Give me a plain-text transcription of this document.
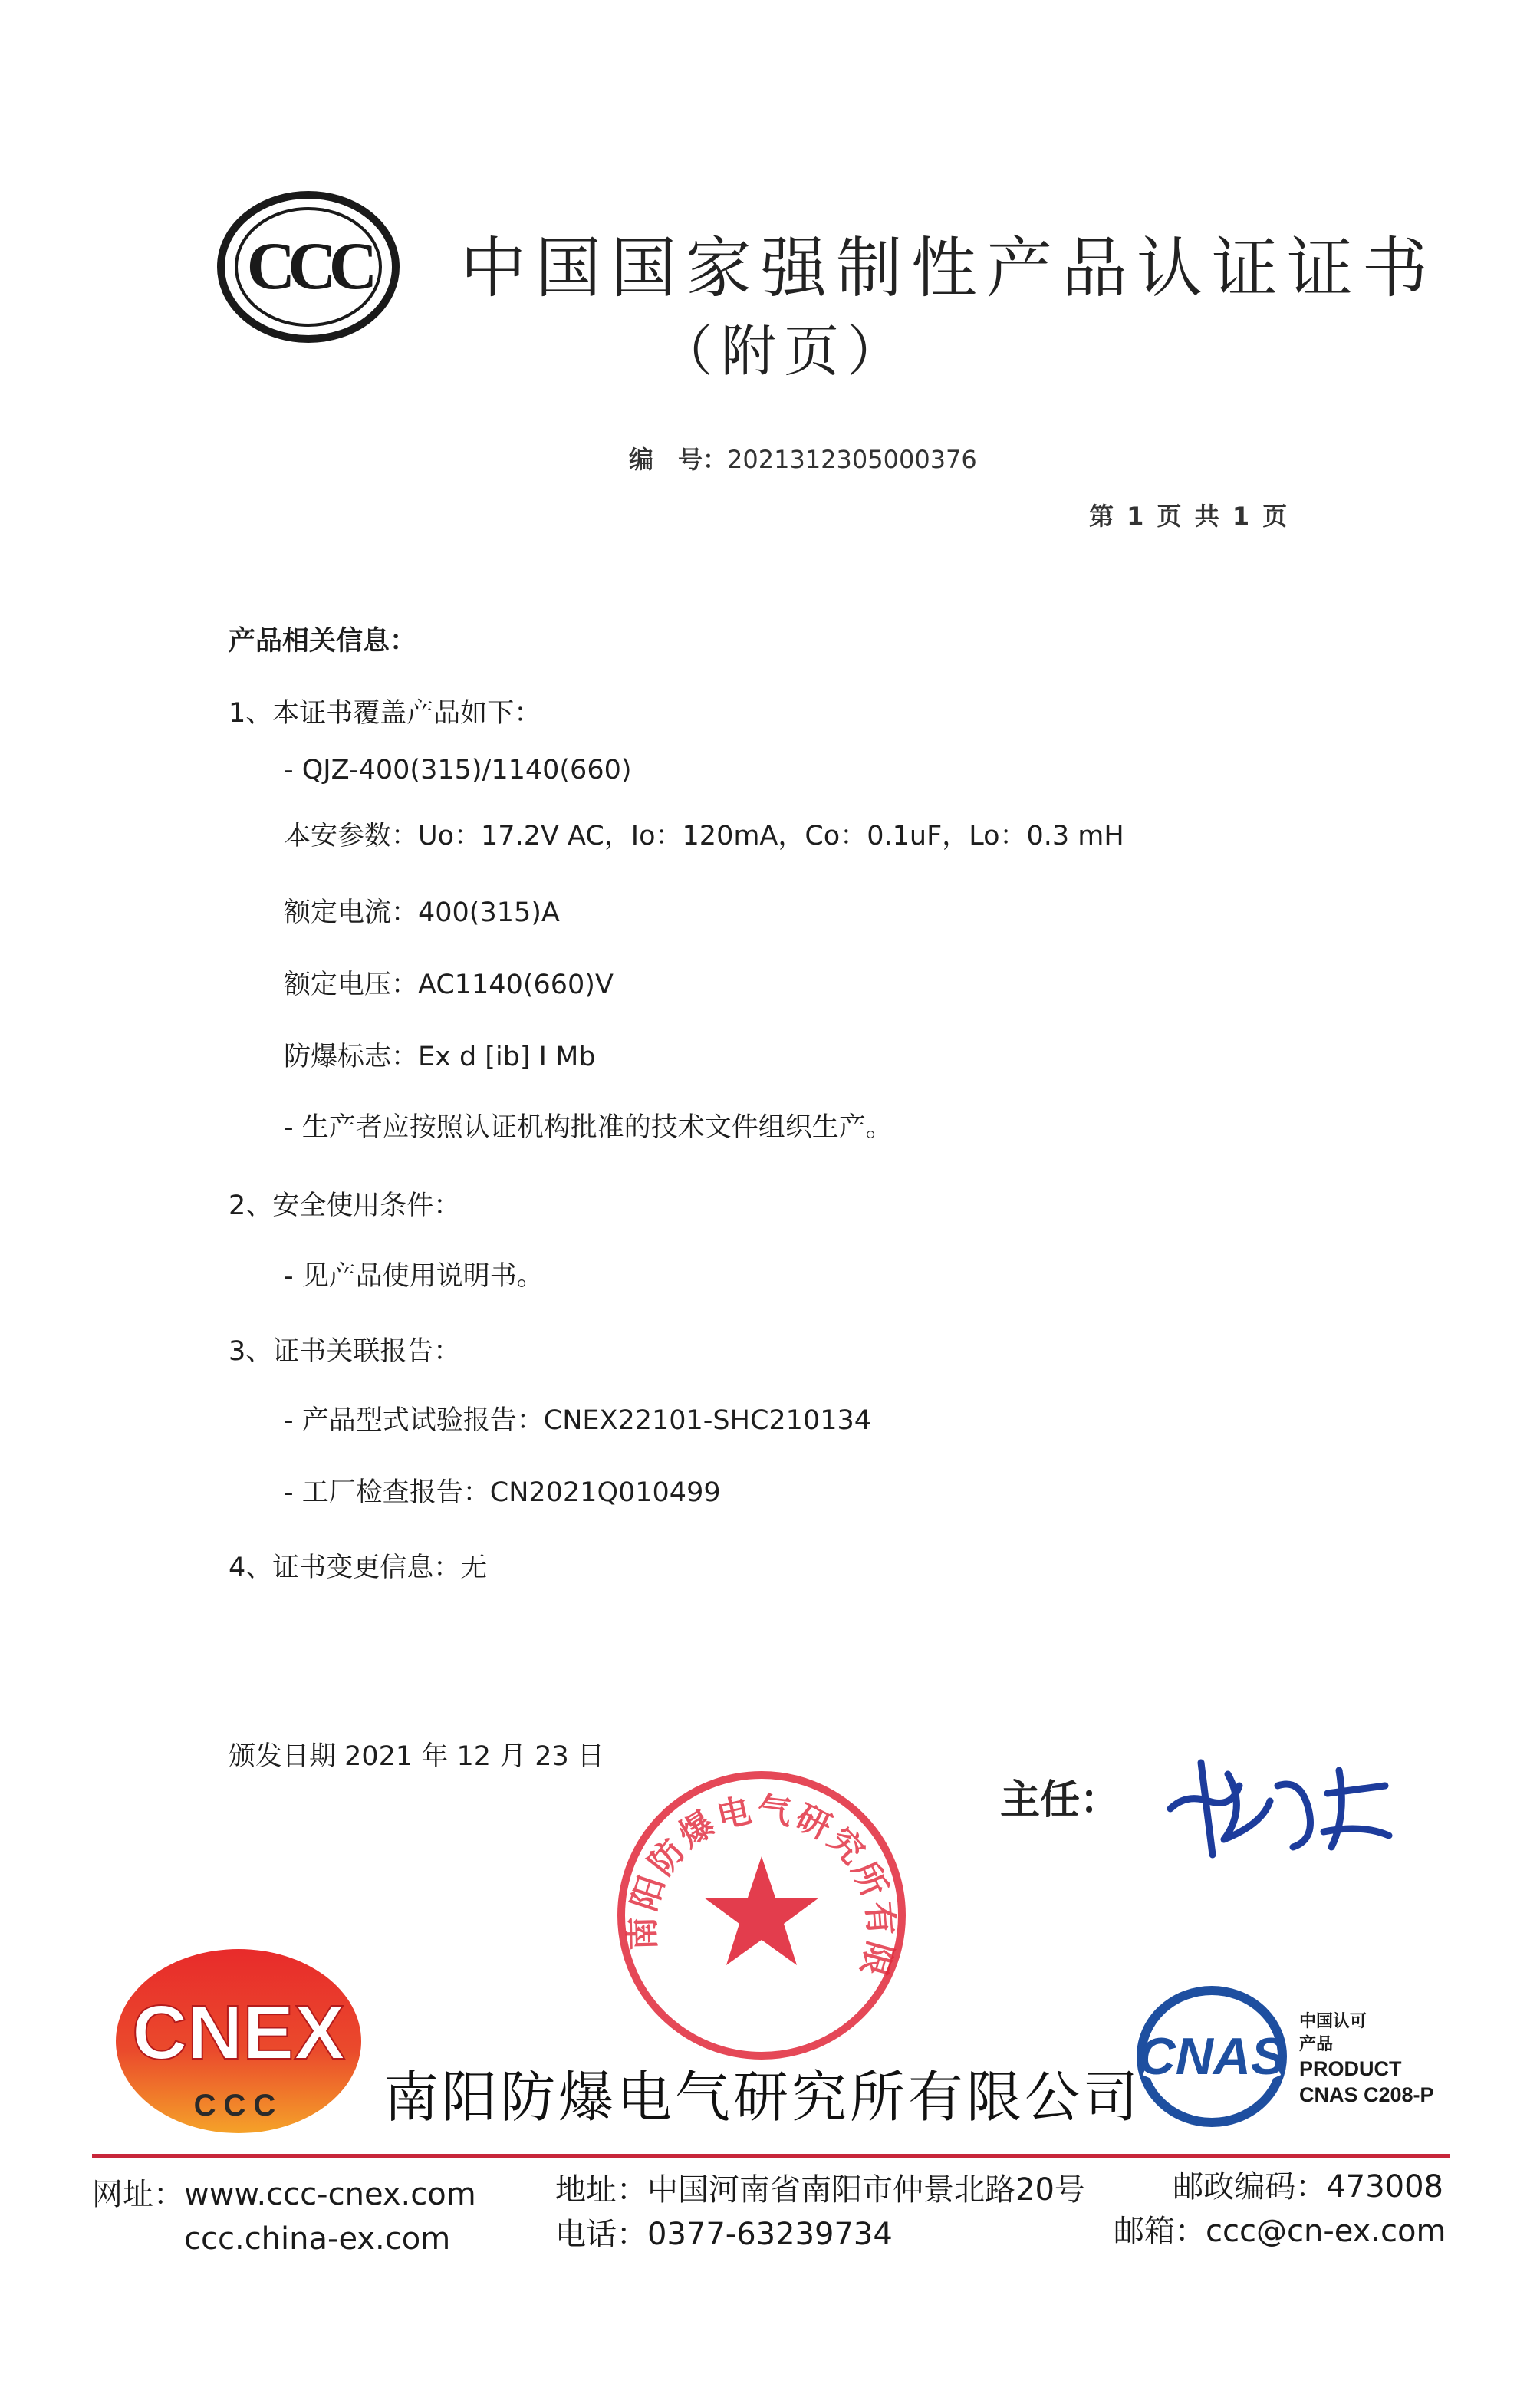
CCC 中国国家强制性产品认证证书
（附页）
编　号：2021312305000376
第 1 页 共 1 页
产品相关信息：
1、本证书覆盖产品如下：
- QJZ-400(315)/1140(660)
本安参数：Uo：17.2V AC，Io：120mA，Co：0.1uF，Lo：0.3 mH
额定电流：400(315)A
额定电压：AC1140(660)V
防爆标志：Ex d [ib] Ⅰ Mb
- 生产者应按照认证机构批准的技术文件组织生产。
2、安全使用条件：
- 见产品使用说明书。
3、证书关联报告：
- 产品型式试验报告：CNEX22101-SHC210134
- 工厂检查报告：CN2021Q010499
4、证书变更信息：无
颁发日期 2021 年 12 月 23 日
主任：
南阳防爆电气研究所有限
CNEX
CCC 南阳防爆电气研究所有限公司
CNAS
中国认可
产品
PRODUCT
CNAS C208-P
网址：www.ccc-cnex.com
ccc.china-ex.com
地址：中国河南省南阳市仲景北路20号
电话：0377-63239734
邮政编码：473008
邮箱：ccc@cn-ex.com
